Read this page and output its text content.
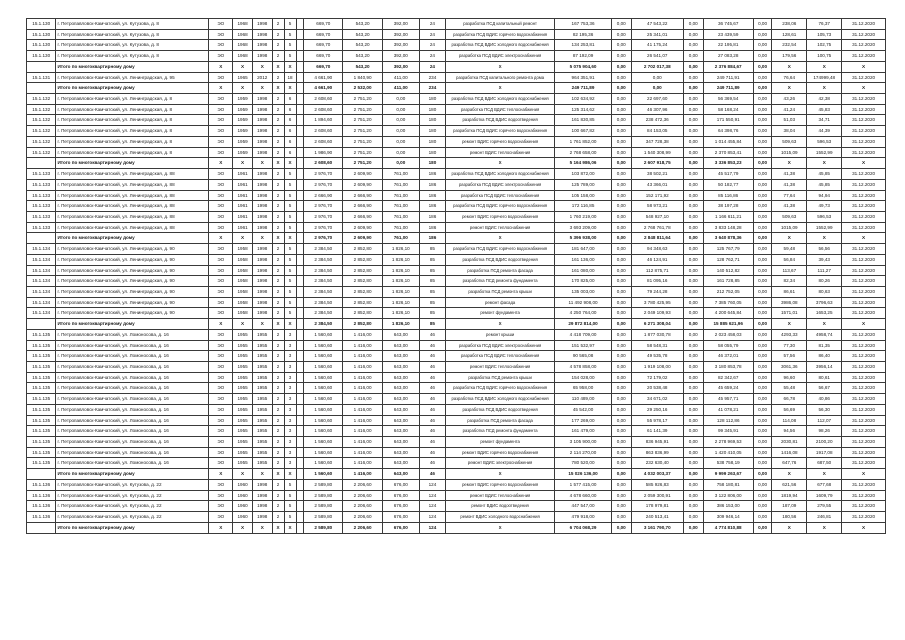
15.1.130	г. Петропавловск-Камчатский, ул. Кутузова, д. 8	ЭО	1968	1998	2	5		669,70	543,20	392,00	24	разработка ПСД капитальный ремонт	167 753,36	0,00	47 543,22	0,00	36 745,67	0,00	238,06	76,37	31.12.2020
15.1.130	г. Петропавловск-Камчатский, ул. Кутузова, д. 8	ЭО	1968	1998	2	5		669,70	543,20	392,00	24	разработка ПСД ВДИС горячего водоснабжения	82 195,36	0,00	25 341,01	0,00	23 439,59	0,00	128,61	105,73	31.12.2020
15.1.130	г. Петропавловск-Камчатский, ул. Кутузова, д. 8	ЭО	1968	1998	2	5		669,70	543,20	392,00	24	разработка ПСД ВДИС холодного водоснабжения	134 253,81	0,00	41 175,24	0,00	22 195,81	0,00	232,54	102,75	31.12.2020
15.1.130	г. Петропавловск-Камчатский, ул. Кутузова, д. 8	ЭО	1968	1998	2	5		669,70	543,20	392,00	24	разработка ПСД ВДИС электроснабжения	87 192,09	0,00	26 541,07	0,00	27 083,28	0,00	179,56	100,75	31.12.2020
	Итого по многоквартирному дому	Х	Х	Х	Х	Х		669,70	543,20	392,00	24	Х	5 075 904,60	0,00	2 702 017,38	0,00	2 376 884,67	0,00	Х	Х	Х
15.1.131	г. Петропавловск-Камчатский, ул. Ленинградская, д. 95	ЭО	1965	2012	2	18		4 661,90	1 840,90	411,00	234	разработка ПСД капитального ремонта дома	964 351,91	0,00	0,00	0,00	249 711,91	0,00	76,64	174999,48	31.12.2020
	Итого по многоквартирному дому	Х	Х	Х	Х	Х		4 661,90	2 532,00	411,00	234	Х	249 711,89	0,00	0,00	0,00	249 711,89	0,00	Х	Х	Х
15.1.132	г. Петропавловск-Камчатский, ул. Ленинградская, д. 8	ЭО	1959	1998	2	6		2 608,60	2 751,20	0,00	180	разработка ПСД ВДИС холодного водоснабжения	102 634,92	0,00	22 697,60	0,00	56 369,54	0,00	43,26	42,38	31.12.2020
15.1.132	г. Петропавловск-Камчатский, ул. Ленинградская, д. 8	ЭО	1959	1998	2	6		2 608,60	2 751,20	0,00	180	разработка ПСД ВДИС теплоснабжения	125 314,62	0,00	46 307,96	0,00	58 168,24	0,00	41,24	45,83	31.12.2020
15.1.132	г. Петропавловск-Камчатский, ул. Ленинградская, д. 8	ЭО	1959	1998	2	6		1 894,60	2 751,20	0,00	180	разработка ПСД ВДИС водоотведения	161 830,85	0,00	238 472,36	0,00	171 550,91	0,00	51,03	34,71	31.12.2020
15.1.132	г. Петропавловск-Камчатский, ул. Ленинградская, д. 8	ЭО	1959	1998	2	6		2 608,60	2 751,20	0,00	180	разработка ПСД ВДИС горячего водоснабжения	100 667,82	0,00	84 153,05	0,00	64 398,76	0,00	38,04	44,39	31.12.2020
15.1.132	г. Петропавловск-Камчатский, ул. Ленинградская, д. 8	ЭО	1959	1998	2	6		2 608,60	2 751,20	0,00	180	ремонт ВДИС горячего водоснабжения	1 761 852,00	0,00	347 728,38	0,00	1 014 455,84	0,00	509,63	596,53	31.12.2020
15.1.132	г. Петропавловск-Камчатский, ул. Ленинградская, д. 8	ЭО	1959	1998	2	6		1 986,90	2 751,20	0,00	180	ремонт ВДИС теплоснабжения	2 768 658,00	0,00	1 540 308,99	0,00	2 370 853,41	0,00	1015,09	1552,99	31.12.2020
	Итого по многоквартирному дому	Х	Х	Х	Х	Х		2 608,60	2 751,20	0,00	180	Х	5 164 986,06	0,00	2 607 918,75	0,00	3 336 853,23	0,00	Х	Х	Х
15.1.133	г. Петропавловск-Камчатский, ул. Ленинградская, д. 88	ЭО	1961	1998	2	5		2 976,70	2 609,90	761,00	186	разработка ПСД ВДИС холодного водоснабжения	103 872,00	0,00	38 502,21	0,00	45 517,79	0,00	41,38	45,85	31.12.2020
15.1.133	г. Петропавловск-Камчатский, ул. Ленинградская, д. 88	ЭО	1961	1998	2	5		2 976,70	2 609,90	761,00	186	разработка ПСД ВДИС электроснабжения	125 789,00	0,00	43 366,01	0,00	50 182,77	0,00	41,38	45,85	31.12.2020
15.1.133	г. Петропавловск-Камчатский, ул. Ленинградская, д. 88	ЭО	1961	1998	2	5		2 666,90	2 666,90	761,00	186	разработка ПСД ВДИС теплоснабжения	105 158,00	0,00	152 171,92	0,00	85 116,86	0,00	77,64	94,94	31.12.2020
15.1.133	г. Петропавловск-Камчатский, ул. Ленинградская, д. 88	ЭО	1961	1998	2	5		2 976,70	2 666,90	761,00	186	разработка ПСД ВДИС горячего водоснабжения	172 116,85	0,00	58 973,21	0,00	38 197,28	0,00	41,38	49,73	31.12.2020
15.1.133	г. Петропавловск-Камчатский, ул. Ленинградская, д. 88	ЭО	1961	1998	2	5		2 976,70	2 666,90	761,00	186	ремонт ВДИС горячего водоснабжения	1 760 219,00	0,00	548 927,10	0,00	1 166 611,21	0,00	509,63	596,53	31.12.2020
15.1.133	г. Петропавловск-Камчатский, ул. Ленинградская, д. 88	ЭО	1961	1998	2	5		2 976,70	2 609,90	761,00	186	ремонт ВДИС теплоснабжения	3 693 209,00	0,00	2 768 761,78	0,00	3 833 148,28	0,00	1015,09	1552,99	31.12.2020
	Итого по многоквартирному дому	Х	Х	Х	Х	Х		2 976,70	2 609,90	761,00	186	Х	5 396 938,00	0,00	2 848 811,64	0,00	3 640 878,36	0,00	Х	Х	Х
15.1.134	г. Петропавловск-Камчатский, ул. Ленинградская, д. 90	ЭО	1958	1998	2	5		2 384,50	2 852,80	1 826,10	85	разработка ПСД ВДИС горячего водоснабжения	181 647,00	0,00	94 348,63	0,00	125 767,79	0,00	59,48	56,56	31.12.2020
15.1.134	г. Петропавловск-Камчатский, ул. Ленинградская, д. 90	ЭО	1958	1998	2	5		2 384,50	2 852,80	1 826,10	85	разработка ПСД ВДИС водоотведения	161 136,00	0,00	46 124,91	0,00	128 762,71	0,00	56,84	39,43	31.12.2020
15.1.134	г. Петропавловск-Камчатский, ул. Ленинградская, д. 90	ЭО	1958	1998	2	5		2 384,50	2 852,80	1 826,10	85	разработка ПСД ремонта фасада	161 080,00	0,00	112 875,71	0,00	140 512,82	0,00	113,67	111,27	31.12.2020
15.1.134	г. Петропавловск-Камчатский, ул. Ленинградская, д. 90	ЭО	1958	1998	2	5		2 384,50	2 852,80	1 826,10	85	разработка ПСД ремонта фундамента	170 825,00	0,00	81 095,16	0,00	161 728,85	0,00	82,34	80,26	31.12.2020
15.1.134	г. Петропавловск-Камчатский, ул. Ленинградская, д. 90	ЭО	1958	1998	2	5		2 384,50	2 852,80	1 826,10	85	разработка ПСД ремонта крыши	135 003,00	0,00	79 244,28	0,00	212 752,05	0,00	86,61	80,63	31.12.2020
15.1.134	г. Петропавловск-Камчатский, ул. Ленинградская, д. 90	ЭО	1958	1998	2	5		2 384,50	2 852,80	1 826,10	85	ремонт фасада	11 492 908,00	0,00	3 780 425,95	0,00	7 385 760,05	0,00	3986,08	3796,63	31.12.2020
15.1.134	г. Петропавловск-Камчатский, ул. Ленинградская, д. 90	ЭО	1958	1998	2	5		2 384,50	2 852,80	1 826,10	85	ремонт фундамента	4 250 764,00	0,00	2 049 109,93	0,00	4 200 645,84	0,00	1571,01	1653,25	31.12.2020
	Итого по многоквартирному дому	Х	Х	Х	Х	Х		2 384,50	2 852,80	1 826,10	85	Х	29 872 814,00	0,00	6 271 308,04	0,00	15 885 621,96	0,00	Х	Х	Х
15.1.135	г. Петропавловск-Камчатский, ул. Ломоносова, д. 16	ЭО	1955	1955	2	3		1 560,60	1 416,00	643,00	46	ремонт крыши	4 418 709,00	0,00	1 877 030,78	0,00	2 023 458,03	0,00	4293,33	4958,74	31.12.2020
15.1.135	г. Петропавловск-Камчатский, ул. Ломоносова, д. 16	ЭО	1955	1955	2	3		1 560,60	1 416,00	643,00	46	разработка ПСД ВДИС электроснабжения	151 532,97	0,00	58 548,31	0,00	58 055,79	0,00	77,30	81,35	31.12.2020
15.1.135	г. Петропавловск-Камчатский, ул. Ломоносова, д. 16	ЭО	1955	1955	2	3		1 560,60	1 416,00	643,00	46	разработка ПСД ВДИС теплоснабжения	90 565,08	0,00	49 535,78	0,00	46 372,01	0,00	57,56	86,40	31.12.2020
15.1.135	г. Петропавловск-Камчатский, ул. Ломоносова, д. 16	ЭО	1955	1955	2	3		1 560,60	1 416,00	643,00	46	ремонт ВДИС теплоснабжения	4 578 858,00	0,00	1 919 108,00	0,00	3 180 853,78	0,00	3061,36	3956,14	31.12.2020
15.1.135	г. Петропавловск-Камчатский, ул. Ломоносова, д. 16	ЭО	1955	1955	2	3		1 560,60	1 416,00	643,00	46	разработка ПСД ремонта крыши	154 028,00	0,00	72 179,02	0,00	82 342,67	0,00	96,60	80,61	31.12.2020
15.1.135	г. Петропавловск-Камчатский, ул. Ломоносова, д. 16	ЭО	1955	1955	2	3		1 560,60	1 416,00	643,00	46	разработка ПСД ВДИС горячего водоснабжения	65 958,00	0,00	20 538,48	0,00	45 659,24	0,00	55,48	56,67	31.12.2020
15.1.135	г. Петропавловск-Камчатский, ул. Ломоносова, д. 16	ЭО	1955	1955	2	3		1 560,60	1 416,00	643,00	46	разработка ПСД ВДИС холодного водоснабжения	110 489,00	0,00	34 671,02	0,00	45 957,71	0,00	66,78	40,86	31.12.2020
15.1.135	г. Петропавловск-Камчатский, ул. Ломоносова, д. 16	ЭО	1955	1955	2	3		1 560,60	1 416,00	643,00	46	разработка ПСД ВДИС водоотведения	45 542,00	0,00	29 250,16	0,00	41 078,21	0,00	56,69	56,30	31.12.2020
15.1.135	г. Петропавловск-Камчатский, ул. Ломоносова, д. 16	ЭО	1955	1955	2	3		1 560,60	1 416,00	643,00	46	разработка ПСД ремонта фасада	177 269,00	0,00	55 978,17	0,00	128 112,86	0,00	114,08	112,07	31.12.2020
15.1.135	г. Петропавловск-Камчатский, ул. Ломоносова, д. 16	ЭО	1955	1955	2	3		1 560,60	1 416,00	643,00	46	разработка ПСД ремонта фундамента	161 479,00	0,00	61 141,39	0,00	99 345,91	0,00	94,56	98,26	31.12.2020
15.1.135	г. Петропавловск-Камчатский, ул. Ломоносова, д. 16	ЭО	1955	1955	2	3		1 560,60	1 416,00	643,00	46	ремонт фундамента	3 105 900,00	0,00	836 945,91	0,00	2 278 969,53	0,00	2030,81	2100,20	31.12.2020
15.1.135	г. Петропавловск-Камчатский, ул. Ломоносова, д. 16	ЭО	1955	1955	2	3		1 560,60	1 416,00	643,00	46	ремонт ВДИС горячего водоснабжения	2 114 270,00	0,00	863 836,99	0,00	1 420 410,05	0,00	1416,08	1917,08	31.12.2020
15.1.135	г. Петропавловск-Камчатский, ул. Ломоносова, д. 16	ЭО	1955	1955	2	3		1 560,60	1 416,00	643,00	46	ремонт ВДИС электроснабжения	780 520,00	0,00	232 630,40	0,00	538 758,19	0,00	647,76	687,50	31.12.2020
	Итого по многоквартирному дому	Х	Х	Х	Х	Х		1 560,60	1 416,00	643,00	46	Х	15 026 136,00	0,00	4 032 003,37	0,00	9 999 263,67	0,00	Х	Х	Х
15.1.136	г. Петропавловск-Камчатский, ул. Кутузова, д. 22	ЭО	1960	1998	2	5		2 589,80	2 206,60	676,00	124	ремонт ВДИС горячего водоснабжения	1 577 415,00	0,00	585 926,83	0,00	758 180,81	0,00	621,56	677,68	31.12.2020
15.1.136	г. Петропавловск-Камчатский, ул. Кутузова, д. 22	ЭО	1960	1998	2	5		2 589,80	2 206,60	676,00	124	ремонт ВДИС теплоснабжения	4 678 660,00	0,00	2 059 300,91	0,00	3 122 806,00	0,00	1819,94	1609,79	31.12.2020
15.1.136	г. Петропавловск-Камчатский, ул. Кутузова, д. 22	ЭО	1960	1998	2	5		2 589,80	2 206,60	676,00	124	ремонт ВДИС водоотведения	447 547,00	0,00	178 979,81	0,00	386 153,00	0,00	187,09	279,55	31.12.2020
15.1.136	г. Петропавловск-Камчатский, ул. Кутузова, д. 22	ЭО	1960	1998	2	5		2 589,80	2 206,60	676,00	124	ремонт ВДИС холодного водоснабжения	479 918,00	0,00	240 513,41	0,00	309 946,14	0,00	180,56	246,81	31.12.2020
	Итого по многоквартирному дому	Х	Х	Х	Х	Х		2 589,80	2 206,60	676,00	124	Х	6 704 068,29	0,00	3 161 790,70	0,00	4 774 810,88	0,00	Х	Х	Х
